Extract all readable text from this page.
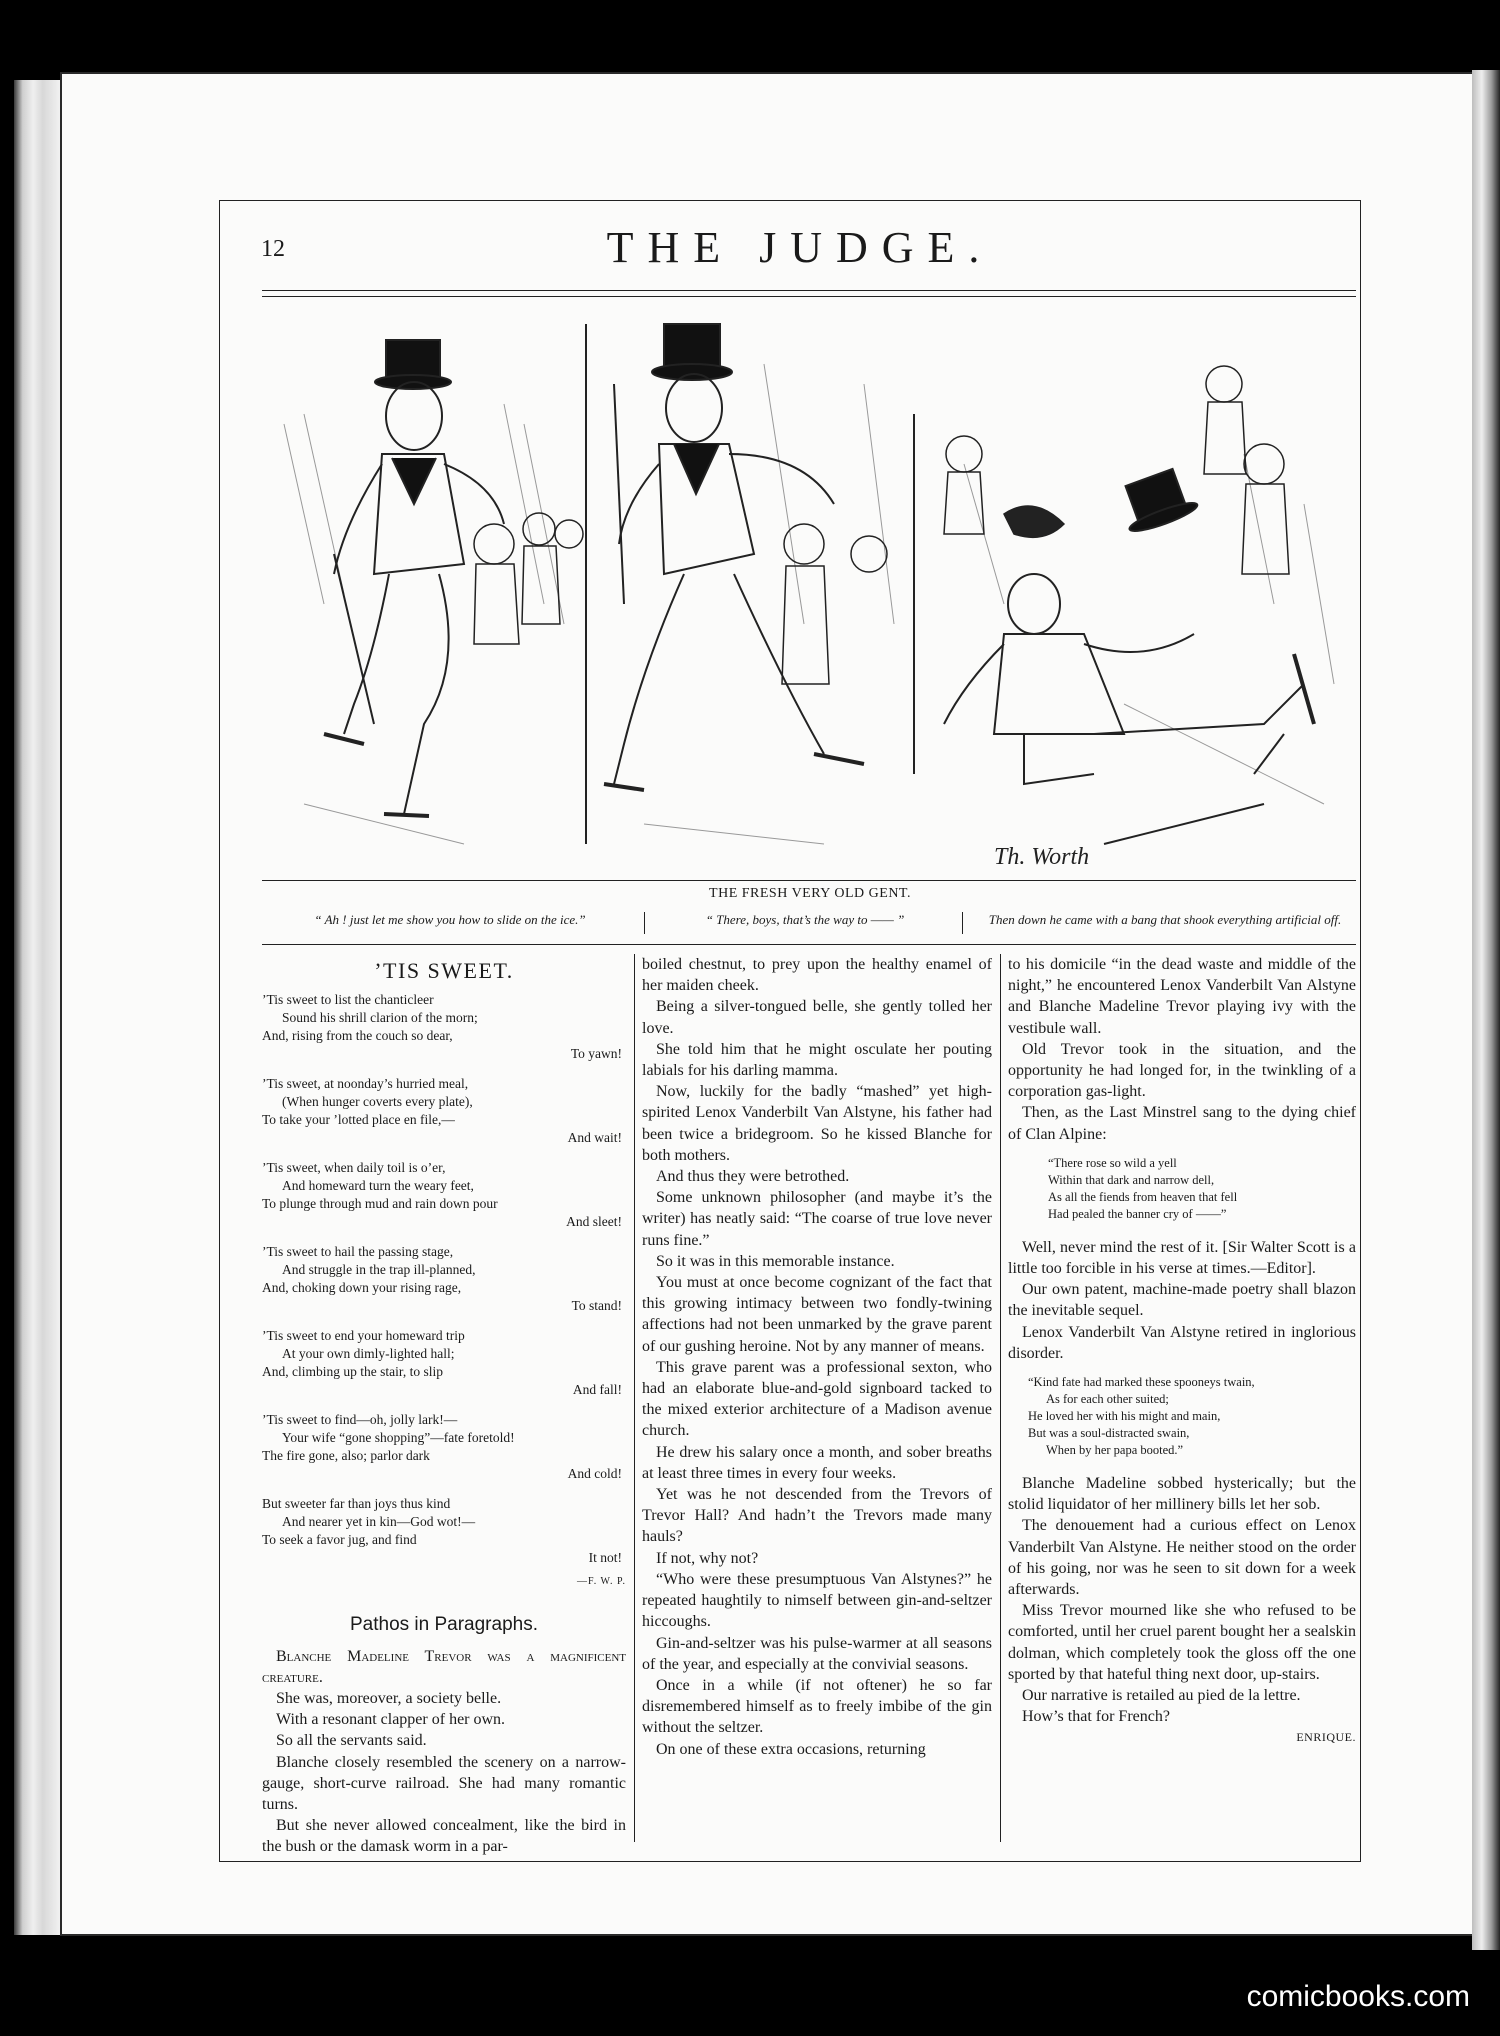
12	THE JUDGE.
Th. Worth
THE FRESH VERY OLD GENT.
“ Ah ! just let me show you how to slide on the ice.”	“ There, boys, that’s the way to —— ”	Then down he came with a bang that shook everything artificial off.
’TIS SWEET.
’Tis sweet to list the chanticleer
Sound his shrill clarion of the morn;
And, rising from the couch so dear,
To yawn!
’Tis sweet, at noonday’s hurried meal,
(When hunger coverts every plate),
To take your ’lotted place en file,—
And wait!
’Tis sweet, when daily toil is o’er,
And homeward turn the weary feet,
To plunge through mud and rain down pour
And sleet!
’Tis sweet to hail the passing stage,
And struggle in the trap ill-planned,
And, choking down your rising rage,
To stand!
’Tis sweet to end your homeward trip
At your own dimly-lighted hall;
And, climbing up the stair, to slip
And fall!
’Tis sweet to find—oh, jolly lark!—
Your wife “gone shopping”—fate foretold!
The fire gone, also; parlor dark
And cold!
But sweeter far than joys thus kind
And nearer yet in kin—God wot!—
To seek a favor jug, and find
It not!
—F. W. P.
Pathos in Paragraphs.

Blanche Madeline Trevor was a magnificent creature.

She was, moreover, a society belle.

With a resonant clapper of her own.

So all the servants said.

Blanche closely resembled the scenery on a narrow-gauge, short-curve railroad. She had many romantic turns.

But she never allowed concealment, like the bird in the bush or the damask worm in a par-

boiled chestnut, to prey upon the healthy enamel of her maiden cheek.

Being a silver-tongued belle, she gently tolled her love.

She told him that he might osculate her pouting labials for his darling mamma.

Now, luckily for the badly “mashed” yet high-spirited Lenox Vanderbilt Van Alstyne, his father had been twice a bridegroom. So he kissed Blanche for both mothers.

And thus they were betrothed.

Some unknown philosopher (and maybe it’s the writer) has neatly said: “The coarse of true love never runs fine.”

So it was in this memorable instance.

You must at once become cognizant of the fact that this growing intimacy between two fondly-twining affections had not been unmarked by the grave parent of our gushing heroine. Not by any manner of means.

This grave parent was a professional sexton, who had an elaborate blue-and-gold signboard tacked to the mixed exterior architecture of a Madison avenue church.

He drew his salary once a month, and sober breaths at least three times in every four weeks.

Yet was he not descended from the Trevors of Trevor Hall? And hadn’t the Trevors made many hauls?

If not, why not?

“Who were these presumptuous Van Alstynes?” he repeated haughtily to nimself between gin-and-seltzer hiccoughs.

Gin-and-seltzer was his pulse-warmer at all seasons of the year, and especially at the convivial seasons.

Once in a while (if not oftener) he so far disremembered himself as to freely imbibe of the gin without the seltzer.

On one of these extra occasions, returning

to his domicile “in the dead waste and middle of the night,” he encountered Lenox Vanderbilt Van Alstyne and Blanche Madeline Trevor playing ivy with the vestibule wall.

Old Trevor took in the situation, and the opportunity he had longed for, in the twinkling of a corporation gas-light.

Then, as the Last Minstrel sang to the dying chief of Clan Alpine:

“There rose so wild a yell
Within that dark and narrow dell,
As all the fiends from heaven that fell
Had pealed the banner cry of ——”

Well, never mind the rest of it. [Sir Walter Scott is a little too forcible in his verse at times.—Editor].

Our own patent, machine-made poetry shall blazon the inevitable sequel.

Lenox Vanderbilt Van Alstyne retired in inglorious disorder.

“Kind fate had marked these spooneys twain,
As for each other suited;
He loved her with his might and main,
But was a soul-distracted swain,
When by her papa booted.”

Blanche Madeline sobbed hysterically; but the stolid liquidator of her millinery bills let her sob.

The denouement had a curious effect on Lenox Vanderbilt Van Alstyne. He neither stood on the order of his going, nor was he seen to sit down for a week afterwards.

Miss Trevor mourned like she who refused to be comforted, until her cruel parent bought her a sealskin dolman, which completely took the gloss off the one sported by that hateful thing next door, up-stairs.

Our narrative is retailed au pied de la lettre.

How’s that for French?

ENRIQUE.
comicbooks.com
